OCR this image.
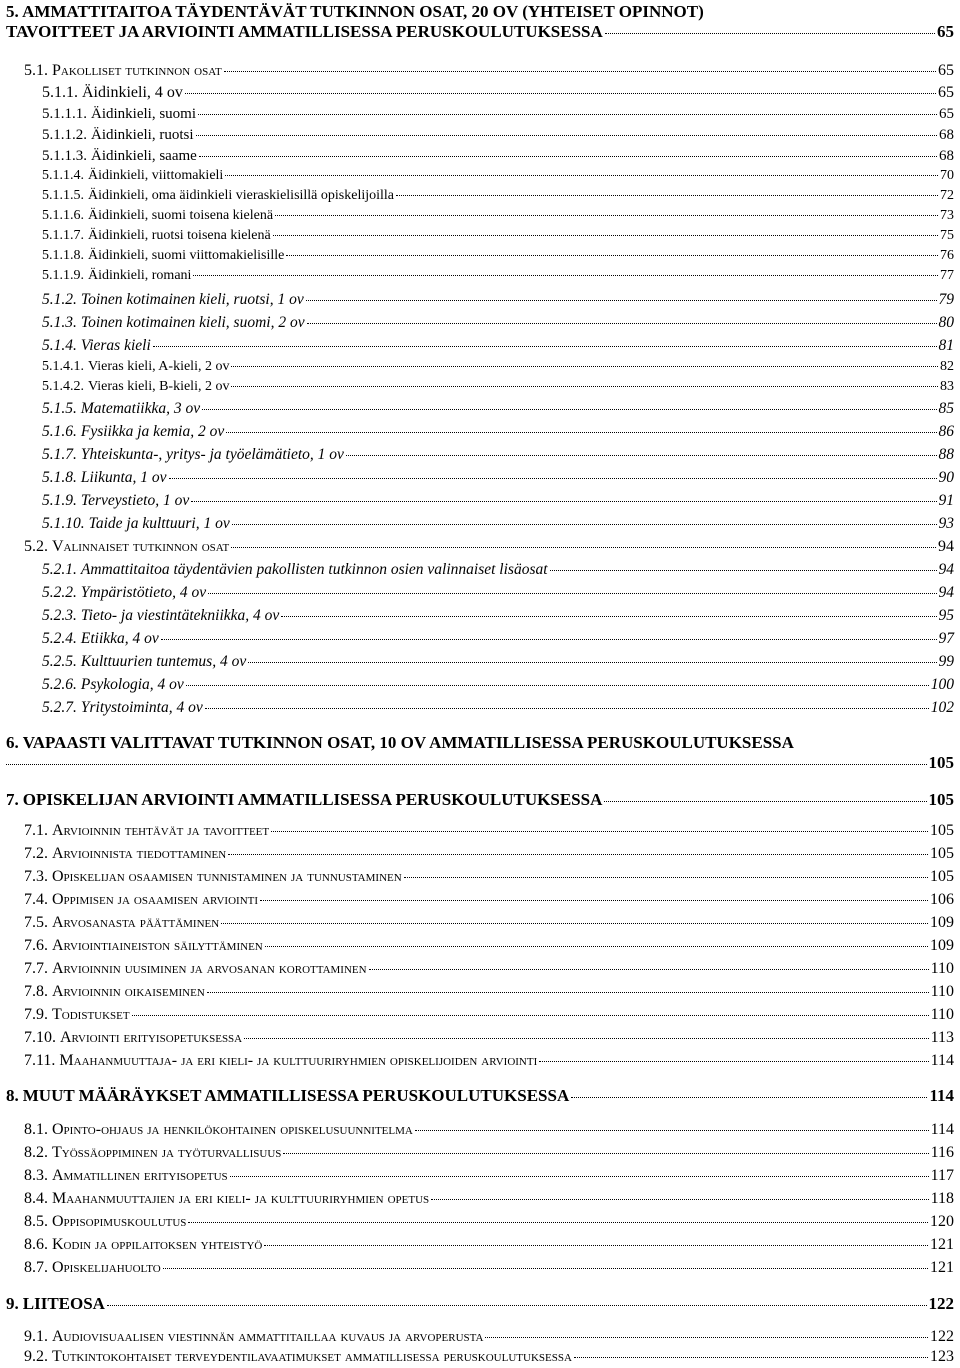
5. AMMATTITAITOA TÄYDENTÄVÄT TUTKINNON OSAT, 20 OV (YHTEISET OPINNOT)
TAVOITTEET JA ARVIOINTI AMMATILLISESSA PERUSKOULUTUKSESSA	65
5.1. Pakolliset tutkinnon osat	65
5.1.1. Äidinkieli, 4 ov	65
5.1.1.1. Äidinkieli, suomi	65
5.1.1.2. Äidinkieli, ruotsi	68
5.1.1.3. Äidinkieli, saame	68
5.1.1.4. Äidinkieli, viittomakieli	70
5.1.1.5. Äidinkieli, oma äidinkieli vieraskielisillä opiskelijoilla	72
5.1.1.6. Äidinkieli, suomi toisena kielenä	73
5.1.1.7. Äidinkieli, ruotsi toisena kielenä	75
5.1.1.8. Äidinkieli, suomi viittomakielisille	76
5.1.1.9. Äidinkieli, romani	77
5.1.2. Toinen kotimainen kieli, ruotsi, 1 ov	79
5.1.3. Toinen kotimainen kieli, suomi, 2 ov	80
5.1.4. Vieras kieli	81
5.1.4.1. Vieras kieli, A-kieli, 2 ov	82
5.1.4.2. Vieras kieli, B-kieli, 2 ov	83
5.1.5. Matematiikka, 3 ov	85
5.1.6. Fysiikka ja kemia, 2 ov	86
5.1.7. Yhteiskunta-, yritys- ja työelämätieto, 1 ov	88
5.1.8. Liikunta, 1 ov	90
5.1.9. Terveystieto, 1 ov	91
5.1.10. Taide ja kulttuuri, 1 ov	93
5.2. Valinnaiset tutkinnon osat	94
5.2.1. Ammattitaitoa täydentävien pakollisten tutkinnon osien valinnaiset lisäosat	94
5.2.2. Ympäristötieto, 4 ov	94
5.2.3. Tieto- ja viestintätekniikka, 4 ov	95
5.2.4. Etiikka, 4 ov	97
5.2.5. Kulttuurien tuntemus, 4 ov	99
5.2.6. Psykologia, 4 ov	100
5.2.7. Yritystoiminta, 4 ov	102
6. VAPAASTI VALITTAVAT TUTKINNON OSAT, 10 OV AMMATILLISESSA PERUSKOULUTUKSESSA
105
7. OPISKELIJAN ARVIOINTI AMMATILLISESSA PERUSKOULUTUKSESSA	105
7.1. Arvioinnin tehtävät ja tavoitteet	105
7.2. Arvioinnista tiedottaminen	105
7.3. Opiskelijan osaamisen tunnistaminen ja tunnustaminen	105
7.4. Oppimisen ja osaamisen arviointi	106
7.5. Arvosanasta päättäminen	109
7.6. Arviointiaineiston säilyttäminen	109
7.7. Arvioinnin uusiminen ja arvosanan korottaminen	110
7.8. Arvioinnin oikaiseminen	110
7.9. Todistukset	110
7.10. Arviointi erityisopetuksessa	113
7.11. Maahanmuuttaja- ja eri kieli- ja kulttuuriryhmien opiskelijoiden arviointi	114
8. MUUT MÄÄRÄYKSET AMMATILLISESSA PERUSKOULUTUKSESSA	114
8.1. Opinto-ohjaus ja henkilökohtainen opiskelusuunnitelma	114
8.2. Työssäoppiminen ja työturvallisuus	116
8.3. Ammatillinen erityisopetus	117
8.4. Maahanmuuttajien ja eri kieli- ja kulttuuriryhmien opetus	118
8.5. Oppisopimuskoulutus	120
8.6. Kodin ja oppilaitoksen yhteistyö	121
8.7. Opiskelijahuolto	121
9. LIITEOSA	122
9.1. Audiovisuaalisen viestinnän ammattitaillaa kuvaus ja arvoperusta	122
9.2. Tutkintokohtaiset terveydentilavaatimukset ammatillisessa peruskoulutuksessa	123
